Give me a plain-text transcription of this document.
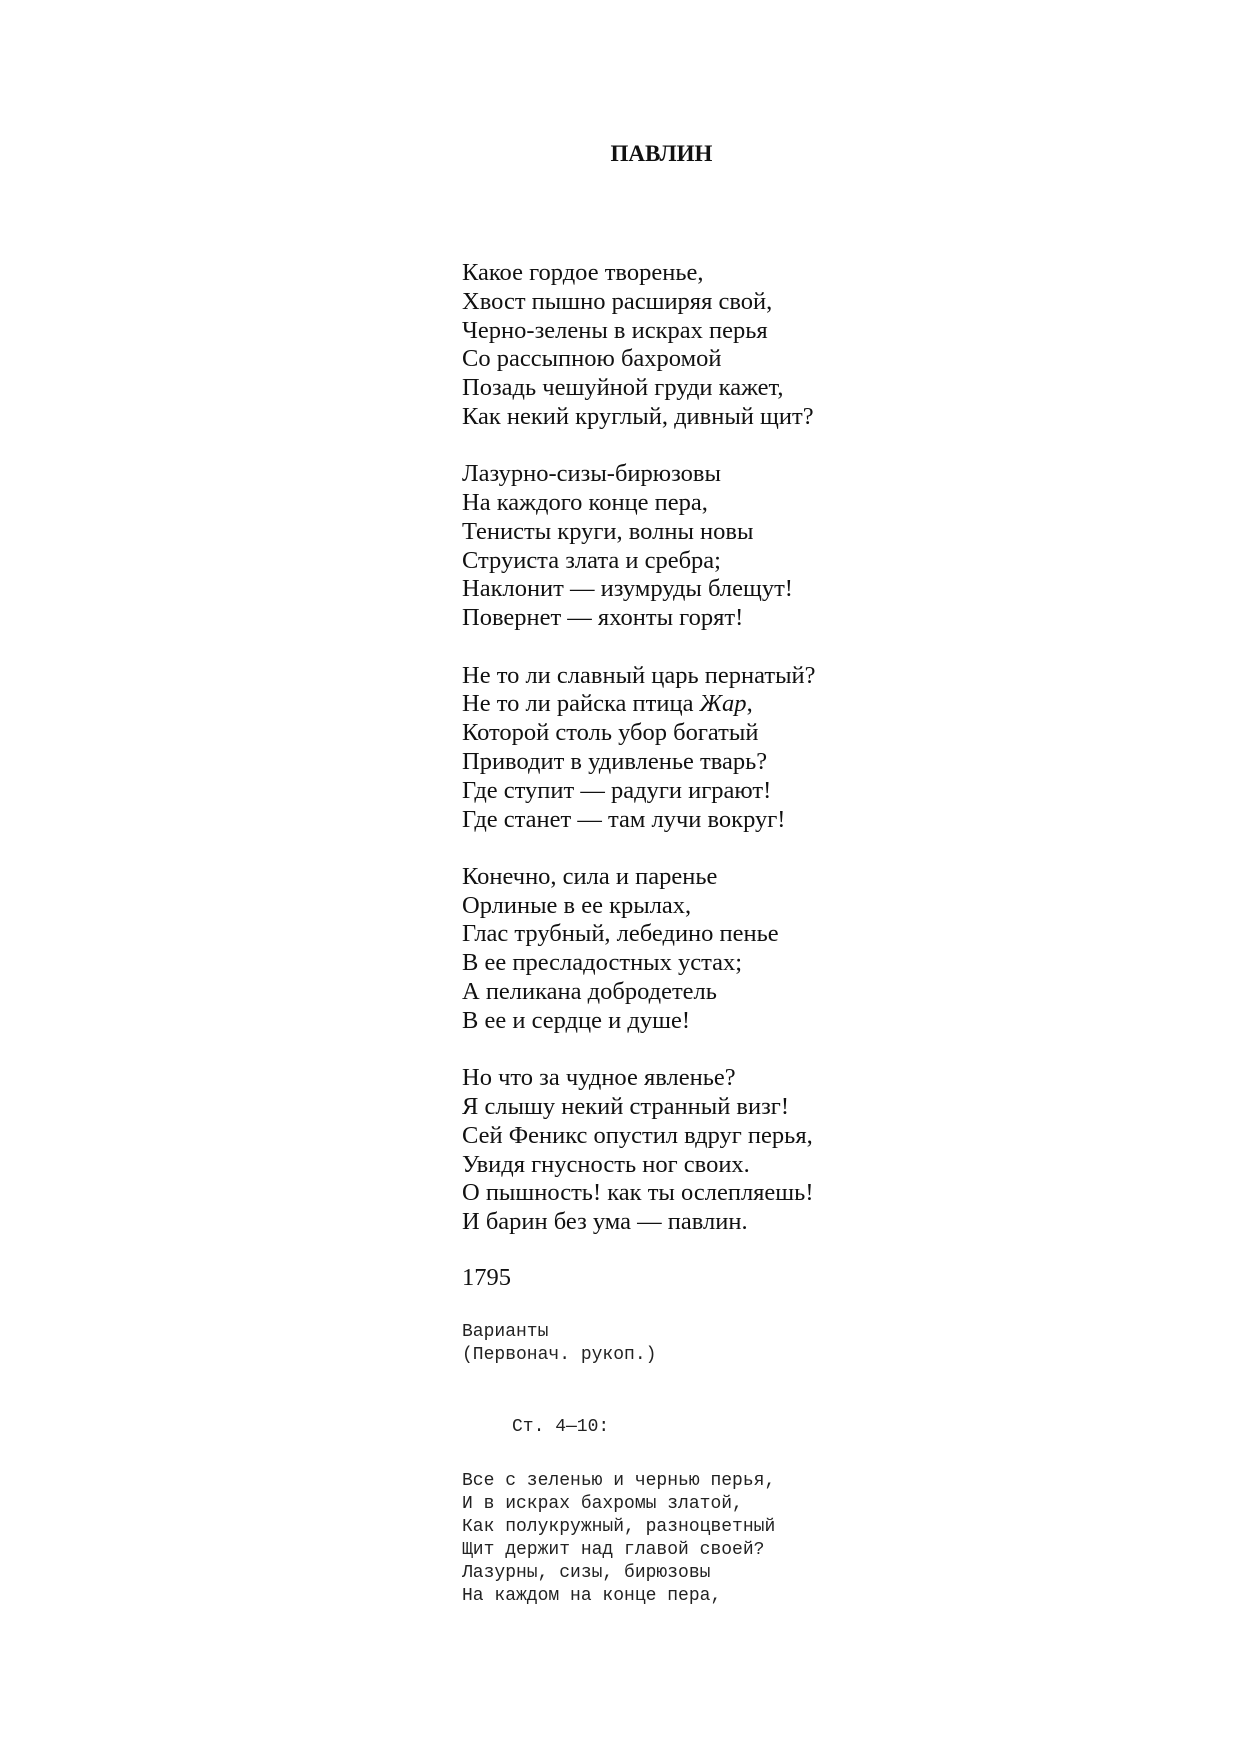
ПАВЛИН
Какое гордое творенье,
Хвост пышно расширяя свой,
Черно-зелены в искрах перья
Со рассыпною бахромой
Позадь чешуйной груди кажет,
Как некий круглый, дивный щит?
Лазурно-сизы-бирюзовы
На каждого конце пера,
Тенисты круги, волны новы
Струиста злата и сребра;
Наклонит — изумруды блещут!
Повернет — яхонты горят!
Не то ли славный царь пернатый?
Не то ли райска птица Жар,
Которой столь убор богатый
Приводит в удивленье тварь?
Где ступит — радуги играют!
Где станет — там лучи вокруг!
Конечно, сила и паренье
Орлиные в ее крылах,
Глас трубный, лебедино пенье
В ее пресладостных устах;
А пеликана добродетель
В ее и сердце и душе!
Но что за чудное явленье?
Я слышу некий странный визг!
Сей Феникс опустил вдруг перья,
Увидя гнусность ног своих.
О пышность! как ты ослепляешь!
И барин без ума — павлин.
1795
Варианты
(Первонач. рукоп.)
Ст. 4—10:
Все с зеленью и чернью перья,
И в искрах бахромы златой,
Как полукружный, разноцветный
Щит держит над главой своей?
Лазурны, сизы, бирюзовы
На каждом на конце пера,
